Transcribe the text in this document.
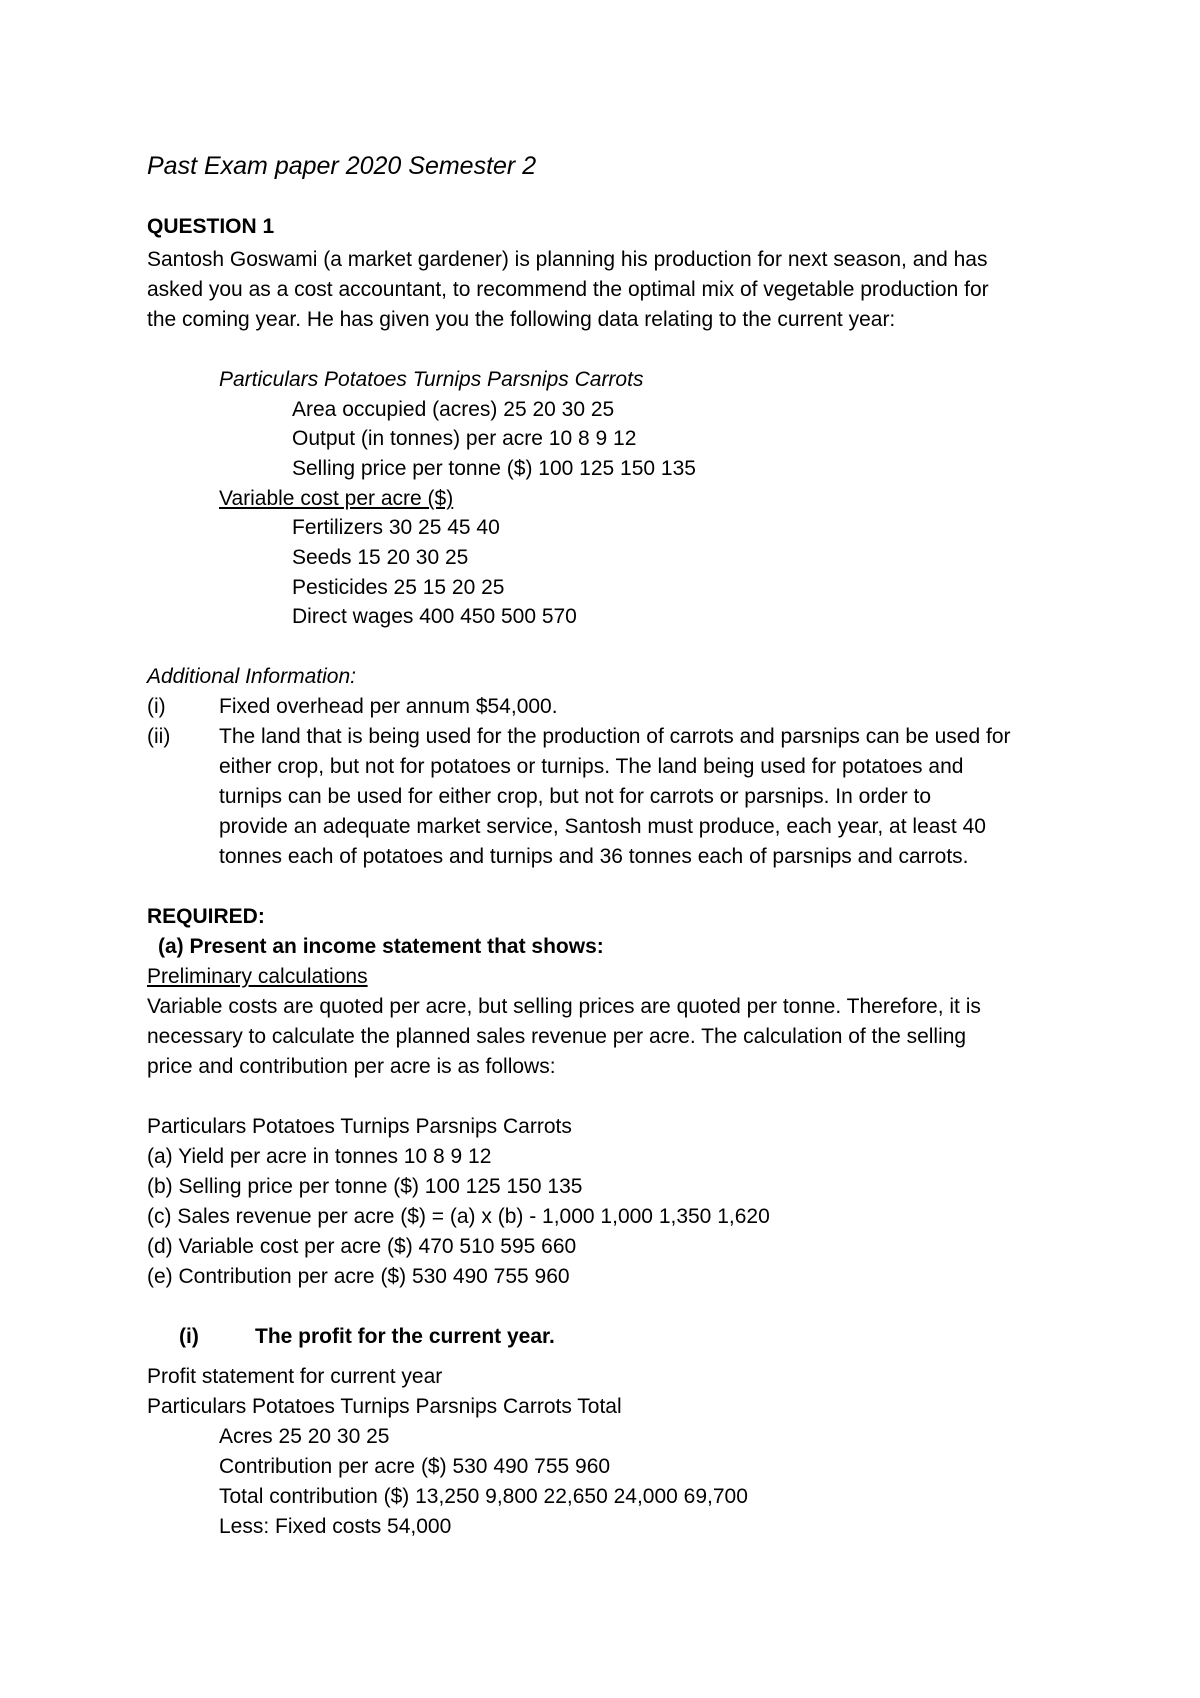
Past Exam paper 2020 Semester 2
QUESTION 1
Santosh Goswami (a market gardener) is planning his production for next season, and has
asked you as a cost accountant, to recommend the optimal mix of vegetable production for
the coming year. He has given you the following data relating to the current year:
Particulars Potatoes Turnips Parsnips Carrots
Area occupied (acres) 25 20 30 25
Output (in tonnes) per acre 10 8 9 12
Selling price per tonne ($) 100 125 150 135
Variable cost per acre ($)
Fertilizers 30 25 45 40
Seeds 15 20 30 25
Pesticides 25 15 20 25
Direct wages 400 450 500 570
Additional Information:
(i)	Fixed overhead per annum $54,000.
(ii) The land that is being used for the production of carrots and parsnips can be used for
either crop, but not for potatoes or turnips. The land being used for potatoes and
turnips can be used for either crop, but not for carrots or parsnips. In order to
provide an adequate market service, Santosh must produce, each year, at least 40
tonnes each of potatoes and turnips and 36 tonnes each of parsnips and carrots.
REQUIRED:
(a) Present an income statement that shows:
Preliminary calculations
Variable costs are quoted per acre, but selling prices are quoted per tonne. Therefore, it is
necessary to calculate the planned sales revenue per acre. The calculation of the selling
price and contribution per acre is as follows:
Particulars Potatoes Turnips Parsnips Carrots
(a) Yield per acre in tonnes 10 8 9 12
(b) Selling price per tonne ($) 100 125 150 135
(c) Sales revenue per acre ($) = (a) x (b) - 1,000 1,000 1,350 1,620
(d) Variable cost per acre ($) 470 510 595 660
(e) Contribution per acre ($) 530 490 755 960
(i)	The profit for the current year.
Profit statement for current year
Particulars Potatoes Turnips Parsnips Carrots Total
Acres 25 20 30 25
Contribution per acre ($) 530 490 755 960
Total contribution ($) 13,250 9,800 22,650 24,000 69,700
Less: Fixed costs 54,000
